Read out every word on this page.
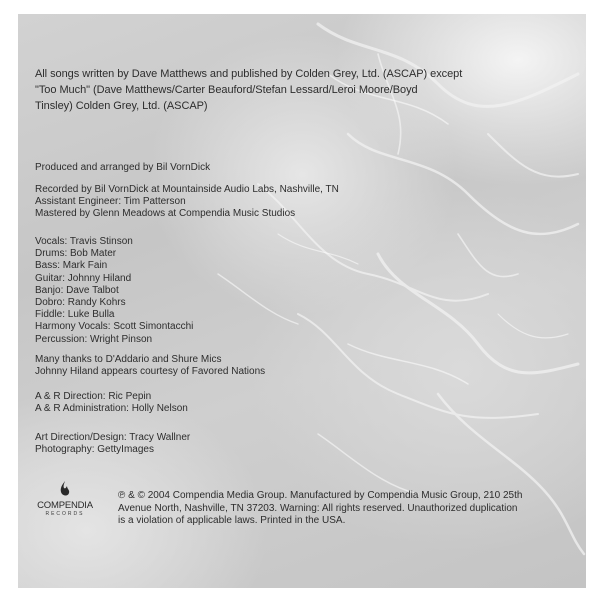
All songs written by Dave Matthews and published by Colden Grey, Ltd. (ASCAP) except
"Too Much" (Dave Matthews/Carter Beauford/Stefan Lessard/Leroi Moore/Boyd
Tinsley) Colden Grey, Ltd. (ASCAP)
Produced and arranged by Bil VornDick
Recorded by Bil VornDick at Mountainside Audio Labs, Nashville, TN
Assistant Engineer: Tim Patterson
Mastered by Glenn Meadows at Compendia Music Studios
Vocals: Travis Stinson
Drums: Bob Mater
Bass: Mark Fain
Guitar: Johnny Hiland
Banjo: Dave Talbot
Dobro: Randy Kohrs
Fiddle: Luke Bulla
Harmony Vocals: Scott Simontacchi
Percussion: Wright Pinson
Many thanks to D'Addario and Shure Mics
Johnny Hiland appears courtesy of Favored Nations
A & R Direction: Ric Pepin
A & R Administration: Holly Nelson
Art Direction/Design: Tracy Wallner
Photography: GettyImages
COMPENDIA
RECORDS
℗ & © 2004 Compendia Media Group. Manufactured by Compendia Music Group, 210 25th
Avenue North, Nashville, TN 37203. Warning: All rights reserved. Unauthorized duplication
is a violation of applicable laws. Printed in the USA.
